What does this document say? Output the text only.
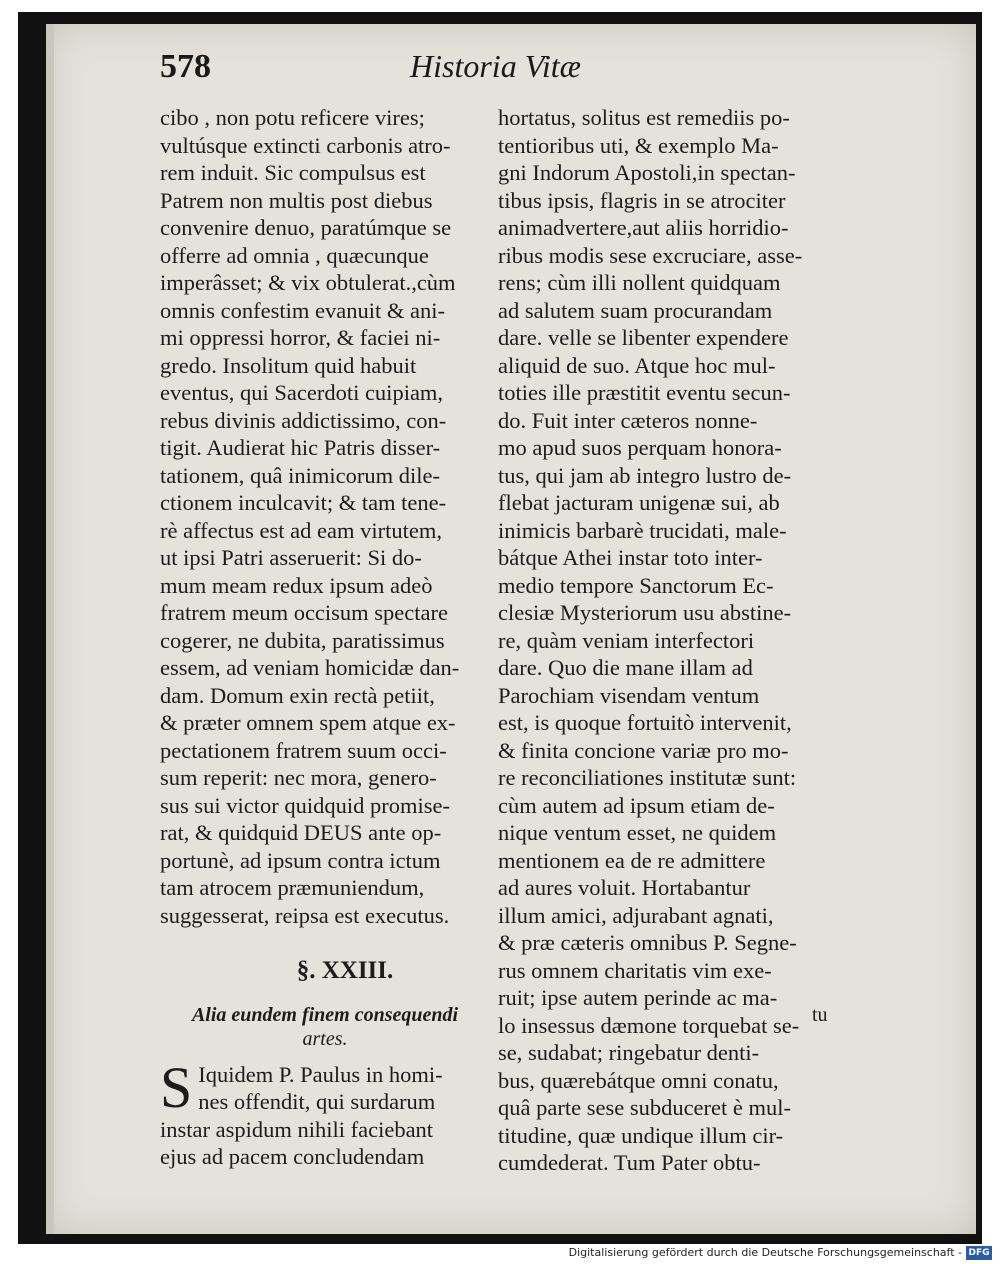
578	Historia Vitæ
cibo , non potu reficere vires;
vultúsque extincti carbonis atro-
rem induit. Sic compulsus est
Patrem non multis post diebus
convenire denuo, paratúmque se
offerre ad omnia , quæcunque
imperâsset; & vix obtulerat.,cùm
omnis confestim evanuit & ani-
mi oppressi horror, & faciei ni-
gredo. Insolitum quid habuit
eventus, qui Sacerdoti cuipiam,
rebus divinis addictissimo, con-
tigit. Audierat hic Patris disser-
tationem, quâ inimicorum dile-
ctionem inculcavit; & tam tene-
rè affectus est ad eam virtutem,
ut ipsi Patri asseruerit: Si do-
mum meam redux ipsum adeò
fratrem meum occisum spectare
cogerer, ne dubita, paratissimus
essem, ad veniam homicidæ dan-
dam. Domum exin rectà petiit,
& præter omnem spem atque ex-
pectationem fratrem suum occi-
sum reperit: nec mora, genero-
sus sui victor quidquid promise-
rat, & quidquid DEUS ante op-
portunè, ad ipsum contra ictum
tam atrocem præmuniendum,
suggesserat, reipsa est executus.
§. XXIII.
Alia eundem finem consequendi
artes.
S Iquidem P. Paulus in homi-
nes offendit, qui surdarum
instar aspidum nihili faciebant
ejus ad pacem concludendam
hortatus, solitus est remediis po-
tentioribus uti, & exemplo Ma-
gni Indorum Apostoli,in spectan-
tibus ipsis, flagris in se atrociter
animadvertere,aut aliis horridio-
ribus modis sese excruciare, asse-
rens; cùm illi nollent quidquam
ad salutem suam procurandam
dare. velle se libenter expendere
aliquid de suo. Atque hoc mul-
toties ille præstitit eventu secun-
do. Fuit inter cæteros nonne-
mo apud suos perquam honora-
tus, qui jam ab integro lustro de-
flebat jacturam unigenæ sui, ab
inimicis barbarè trucidati, male-
bátque Athei instar toto inter-
medio tempore Sanctorum Ec-
clesiæ Mysteriorum usu abstine-
re, quàm veniam interfectori
dare. Quo die mane illam ad
Parochiam visendam ventum
est, is quoque fortuitò intervenit,
& finita concione variæ pro mo-
re reconciliationes institutæ sunt:
cùm autem ad ipsum etiam de-
nique ventum esset, ne quidem
mentionem ea de re admittere
ad aures voluit. Hortabantur
illum amici, adjurabant agnati,
& præ cæteris omnibus P. Segne-
rus omnem charitatis vim exe-
ruit; ipse autem perinde ac ma-
lo insessus dæmone torquebat se-
se, sudabat; ringebatur denti-
bus, quærebátque omni conatu,
quâ parte sese subduceret è mul-
titudine, quæ undique illum cir-
cumdederat. Tum Pater obtu-
tu
Digitalisierung gefördert durch die Deutsche Forschungsgemeinschaft - DFG
